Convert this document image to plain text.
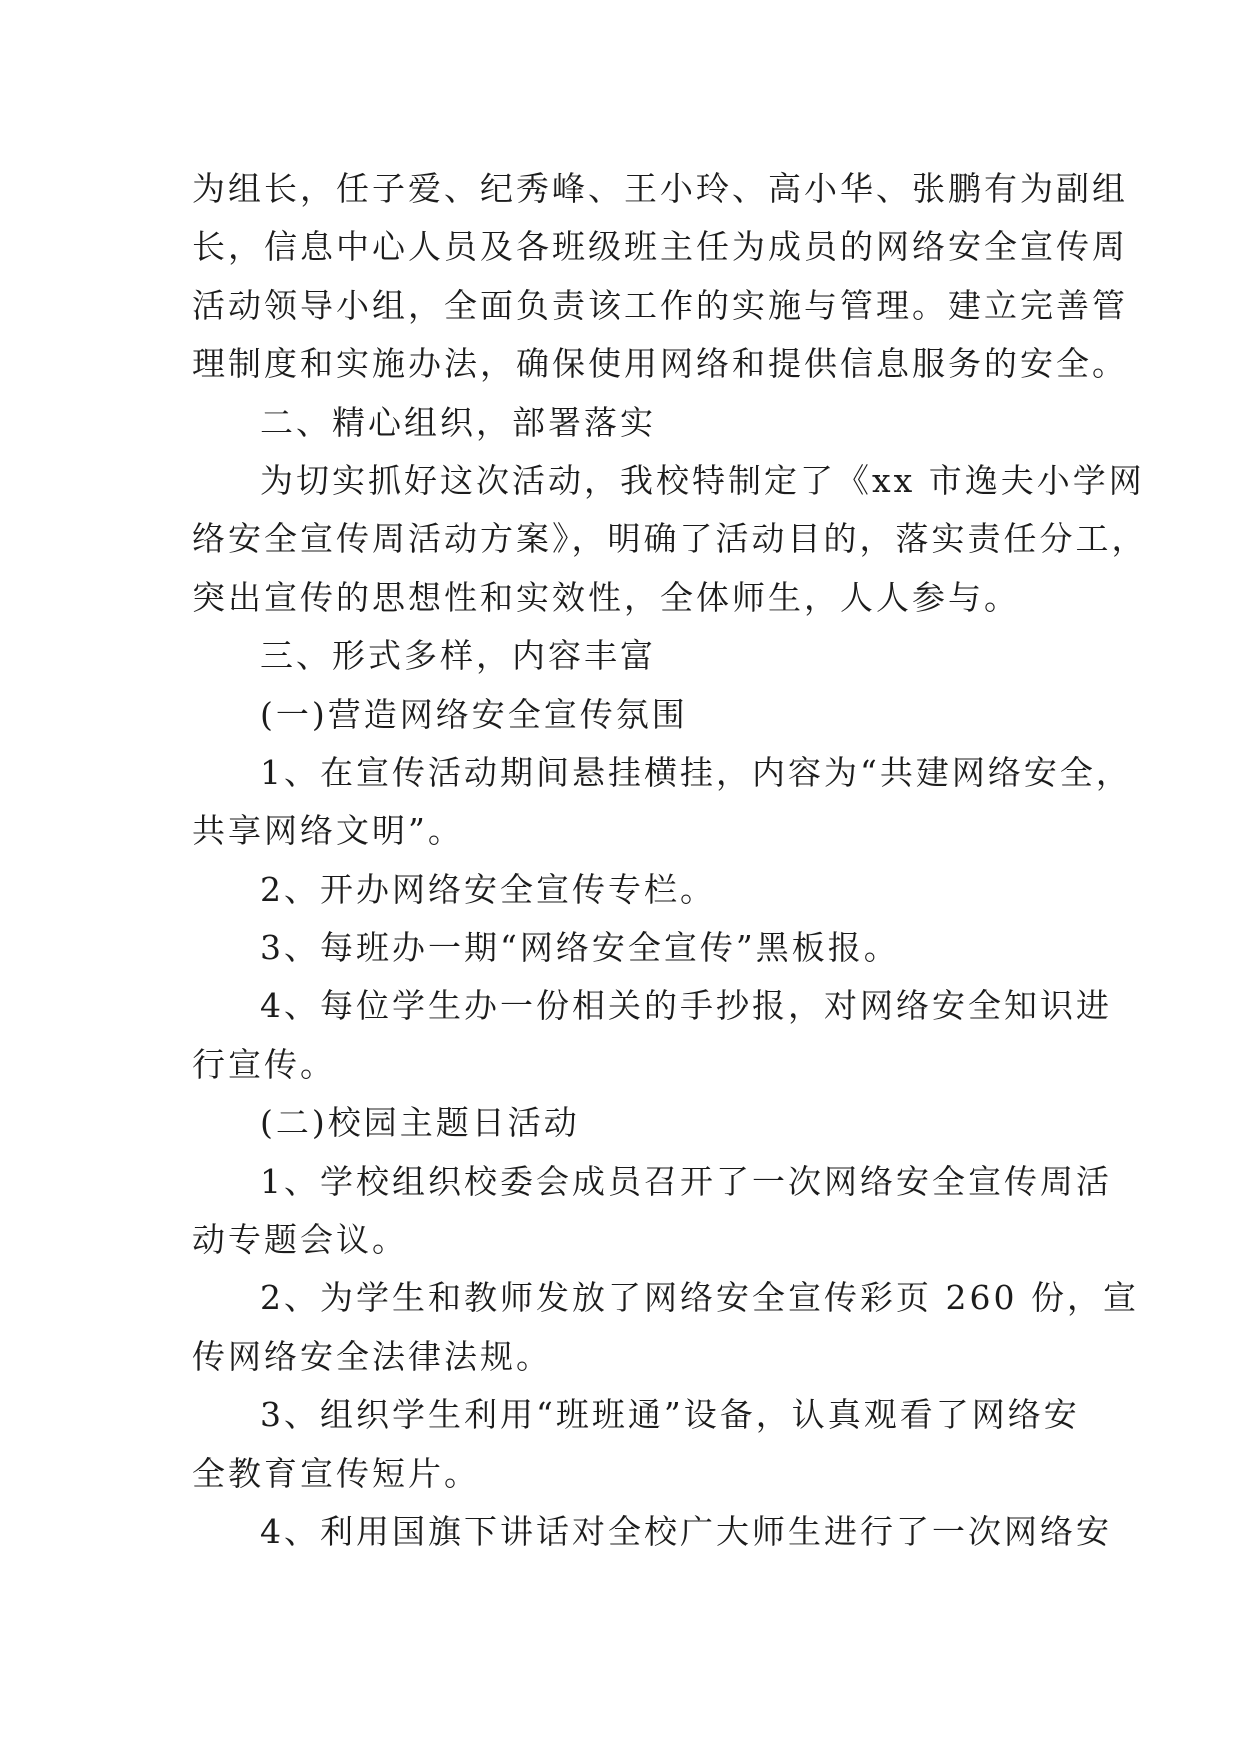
为组长，任子爱、纪秀峰、王小玲、高小华、张鹏有为副组
长，信息中心人员及各班级班主任为成员的网络安全宣传周
活动领导小组，全面负责该工作的实施与管理。建立完善管
理制度和实施办法，确保使用网络和提供信息服务的安全。
二、精心组织，部署落实
为切实抓好这次活动，我校特制定了《xx 市逸夫小学网
络安全宣传周活动方案》，明确了活动目的，落实责任分工，
突出宣传的思想性和实效性，全体师生，人人参与。
三、形式多样，内容丰富
(一)营造网络安全宣传氛围
1、在宣传活动期间悬挂横挂，内容为“共建网络安全，
共享网络文明”。
2、开办网络安全宣传专栏。
3、每班办一期“网络安全宣传”黑板报。
4、每位学生办一份相关的手抄报，对网络安全知识进
行宣传。
(二)校园主题日活动
1、学校组织校委会成员召开了一次网络安全宣传周活
动专题会议。
2、为学生和教师发放了网络安全宣传彩页 260 份，宣
传网络安全法律法规。
3、组织学生利用“班班通”设备，认真观看了网络安
全教育宣传短片。
4、利用国旗下讲话对全校广大师生进行了一次网络安
